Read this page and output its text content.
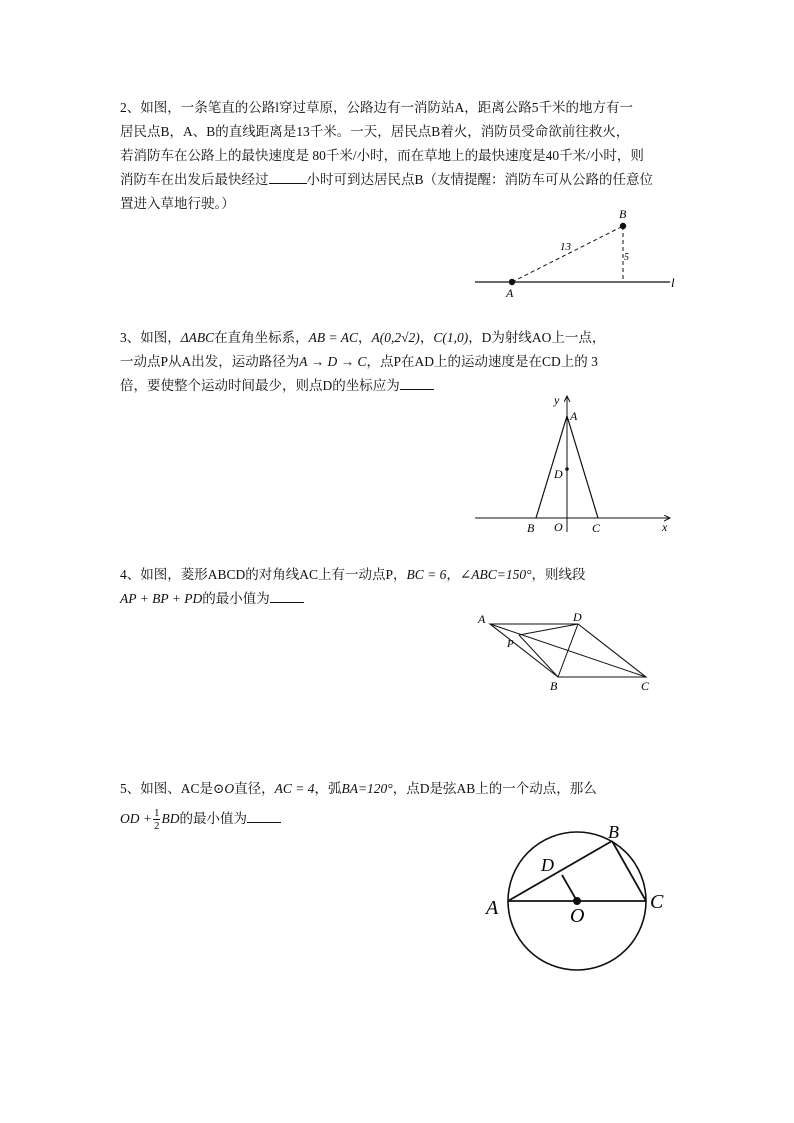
2、如图，一条笔直的公路l穿过草原，公路边有一消防站A，距离公路5千米的地方有一
居民点B，A、B的直线距离是13千米。一天，居民点B着火，消防员受命欲前往救火，
若消防车在公路上的最快速度是 80千米/小时，而在草地上的最快速度是40千米/小时，则
消防车在出发后最快经过	小时可到达居民点B（友情提醒：消防车可从公路的任意位
置进入草地行驶。）
B
13
5
A
l
3、如图，ΔABC在直角坐标系，AB = AC，A(0,2√2)，C(1,0)，D为射线AO上一点，
一动点P从A出发，运动路径为A → D → C，点P在AD上的运动速度是在CD上的 3
倍，要使整个运动时间最少，则点D的坐标应为
y
A
D
B O C	x
4、如图，菱形ABCD的对角线AC上有一动点P，BC = 6，∠ABC=150°，则线段
AP + BP + PD的最小值为
A	D
P
B	C
5、如图、AC是⊙O直径，AC = 4，弧BA=120°，点D是弦AB上的一个动点，那么
OD + $\frac{1}{2}$ BD的最小值为
B
D
A	O
C
